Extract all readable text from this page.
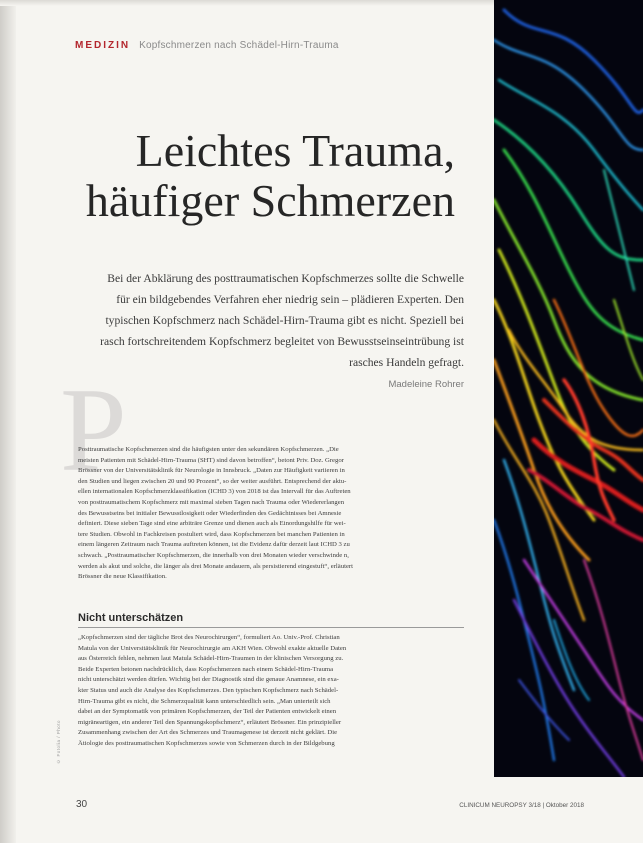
MEDIZIN Kopfschmerzen nach Schädel-Hirn-Trauma
Leichtes Trauma,
häufiger Schmerzen
Bei der Abklärung des posttraumatischen Kopfschmerzes sollte die Schwelle
für ein bildgebendes Verfahren eher niedrig sein – plädieren Experten. Den
typischen Kopfschmerz nach Schädel-Hirn-Trauma gibt es nicht. Speziell bei
rasch fortschreitendem Kopfschmerz begleitet von Bewusstseinseintrübung ist
rasches Handeln gefragt.
Madeleine Rohrer
P
Posttraumatische Kopfschmerzen sind die häufigsten unter den sekundären Kopfschmerzen. „Die
meisten Patienten mit Schädel-Hirn-Trauma (SHT) sind davon betroffen“, betont Priv. Doz. Gregor
Brössner von der Universitätsklinik für Neurologie in Innsbruck. „Daten zur Häufigkeit variieren in
den Studien und liegen zwischen 20 und 90 Prozent“, so der weiter ausführt. Entsprechend der aktu-
ellen internationalen Kopfschmerzklassifikation (ICHD 3) von 2018 ist das Intervall für das Auftreten
von posttraumatischem Kopfschmerz mit maximal sieben Tagen nach Trauma oder Wiedererlangen
des Bewusstseins bei initialer Bewusstlosigkeit oder Wiederfinden des Gedächtnisses bei Amnesie
definiert. Diese sieben Tage sind eine arbiträre Grenze und dienen auch als Einordungshilfe für wei-
tere Studien. Obwohl in Fachkreisen postuliert wird, dass Kopfschmerzen bei manchen Patienten in
einem längeren Zeitraum nach Trauma auftreten können, ist die Evidenz dafür derzeit laut ICHD 3 zu
schwach. „Posttraumatischer Kopfschmerzen, die innerhalb von drei Monaten wieder verschwinde n,
werden als akut und solche, die länger als drei Monate andauern, als persistierend eingestuft“, erläutert
Brössner die neue Klassifikation.
Nicht unterschätzen
„Kopfschmerzen sind der tägliche Brot des Neurochirurgen“, formuliert Ao. Univ.-Prof. Christian
Matula von der Universitätsklinik für Neurochirurgie am AKH Wien. Obwohl exakte aktuelle Daten
aus Österreich fehlen, nehmen laut Matula Schädel-Hirn-Traumen in der klinischen Versorgung zu.
Beide Experten betonen nachdrücklich, dass Kopfschmerzen nach einem Schädel-Hirn-Trauma
nicht unterschätzt werden dürfen. Wichtig bei der Diagnostik sind die genaue Anamnese, ein exa-
kter Status und auch die Analyse des Kopfschmerzes. Den typischen Kopfschmerz nach Schädel-
Hirn-Trauma gibt es nicht, die Schmerzqualität kann unterschiedlich sein. „Man unterteilt sich
dabei an der Symptomatik von primären Kopfschmerzen, der Teil der Patienten entwickelt einen
migräneartigen, ein anderer Teil den Spannungskopfschmerz“, erläutert Brössner. Ein prinzipieller
Zusammenhang zwischen der Art des Schmerzes und Traumagenese ist derzeit nicht geklärt. Die
Ätiologie des posttraumatischen Kopfschmerzes sowie von Schmerzen durch in der Bildgebung
© Fotolia / Photo
30	CLINICUM NEUROPSY 3/18 | Oktober 2018
